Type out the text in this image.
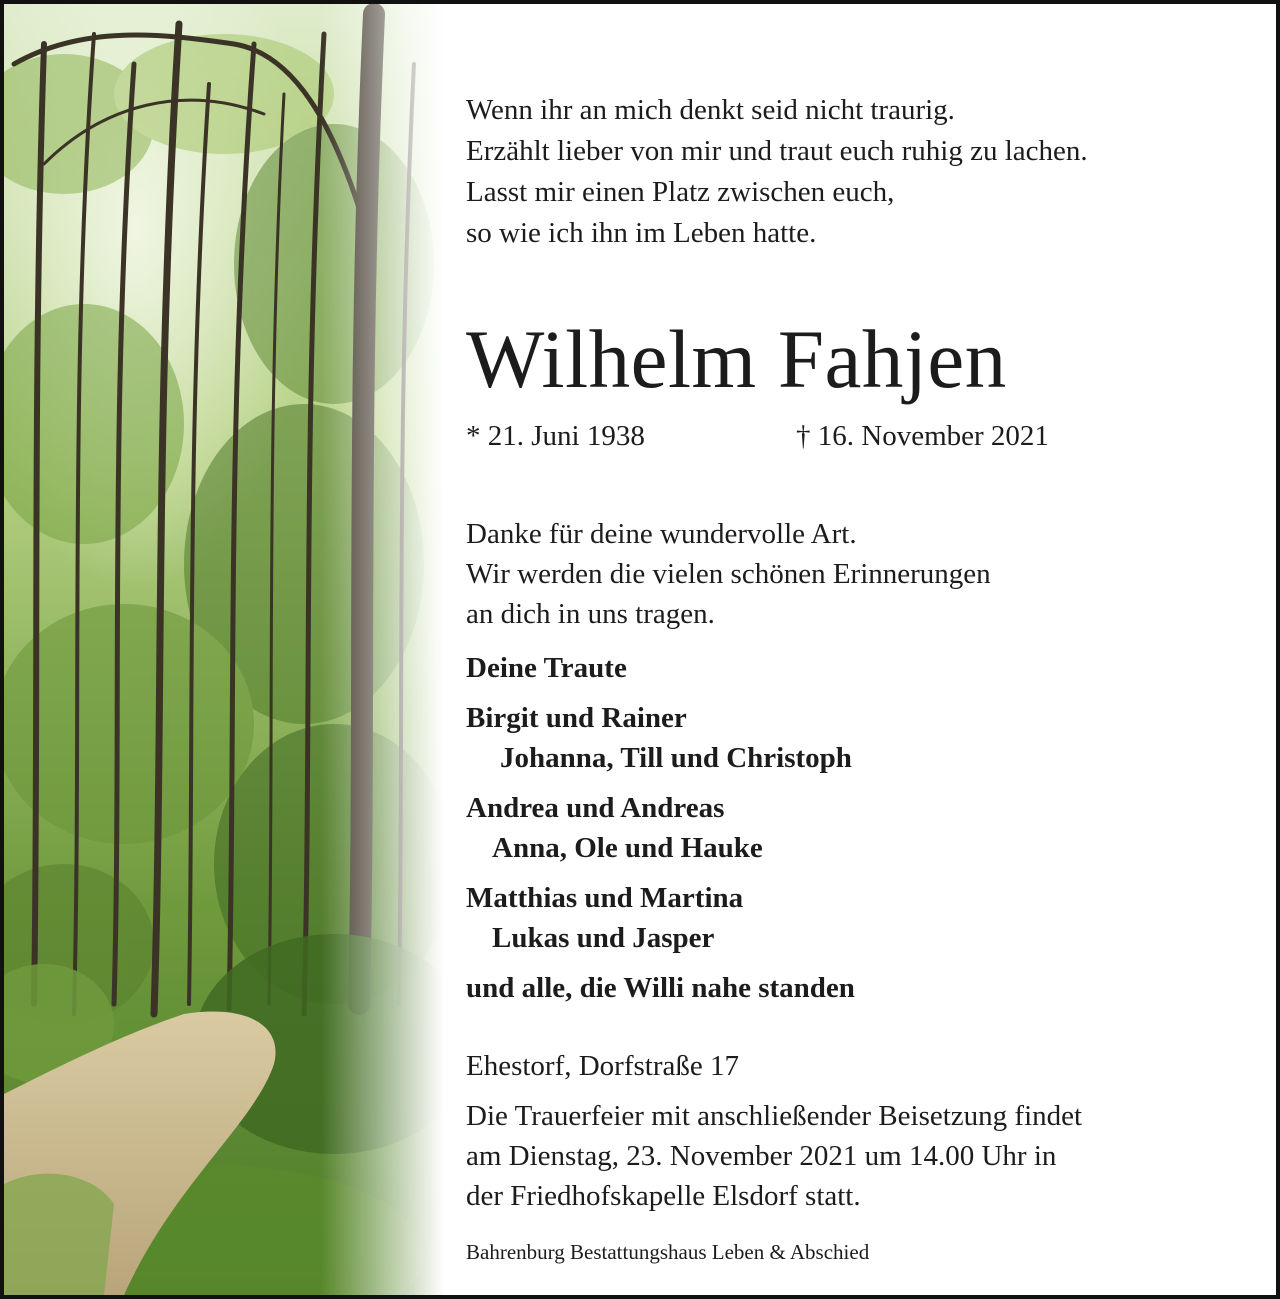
Wenn ihr an mich denkt seid nicht traurig.
Erzählt lieber von mir und traut euch ruhig zu lachen.
Lasst mir einen Platz zwischen euch,
so wie ich ihn im Leben hatte.
Wilhelm Fahjen
* 21. Juni 1938	† 16. November 2021
Danke für deine wundervolle Art.
Wir werden die vielen schönen Erinnerungen
an dich in uns tragen.
Deine Traute
Birgit und Rainer
Johanna, Till und Christoph
Andrea und Andreas
Anna, Ole und Hauke
Matthias und Martina
Lukas und Jasper
und alle, die Willi nahe standen
Ehestorf, Dorfstraße 17
Die Trauerfeier mit anschließender Beisetzung findet
am Dienstag, 23. November 2021 um 14.00 Uhr in
der Friedhofskapelle Elsdorf statt.
Bahrenburg Bestattungshaus Leben & Abschied
